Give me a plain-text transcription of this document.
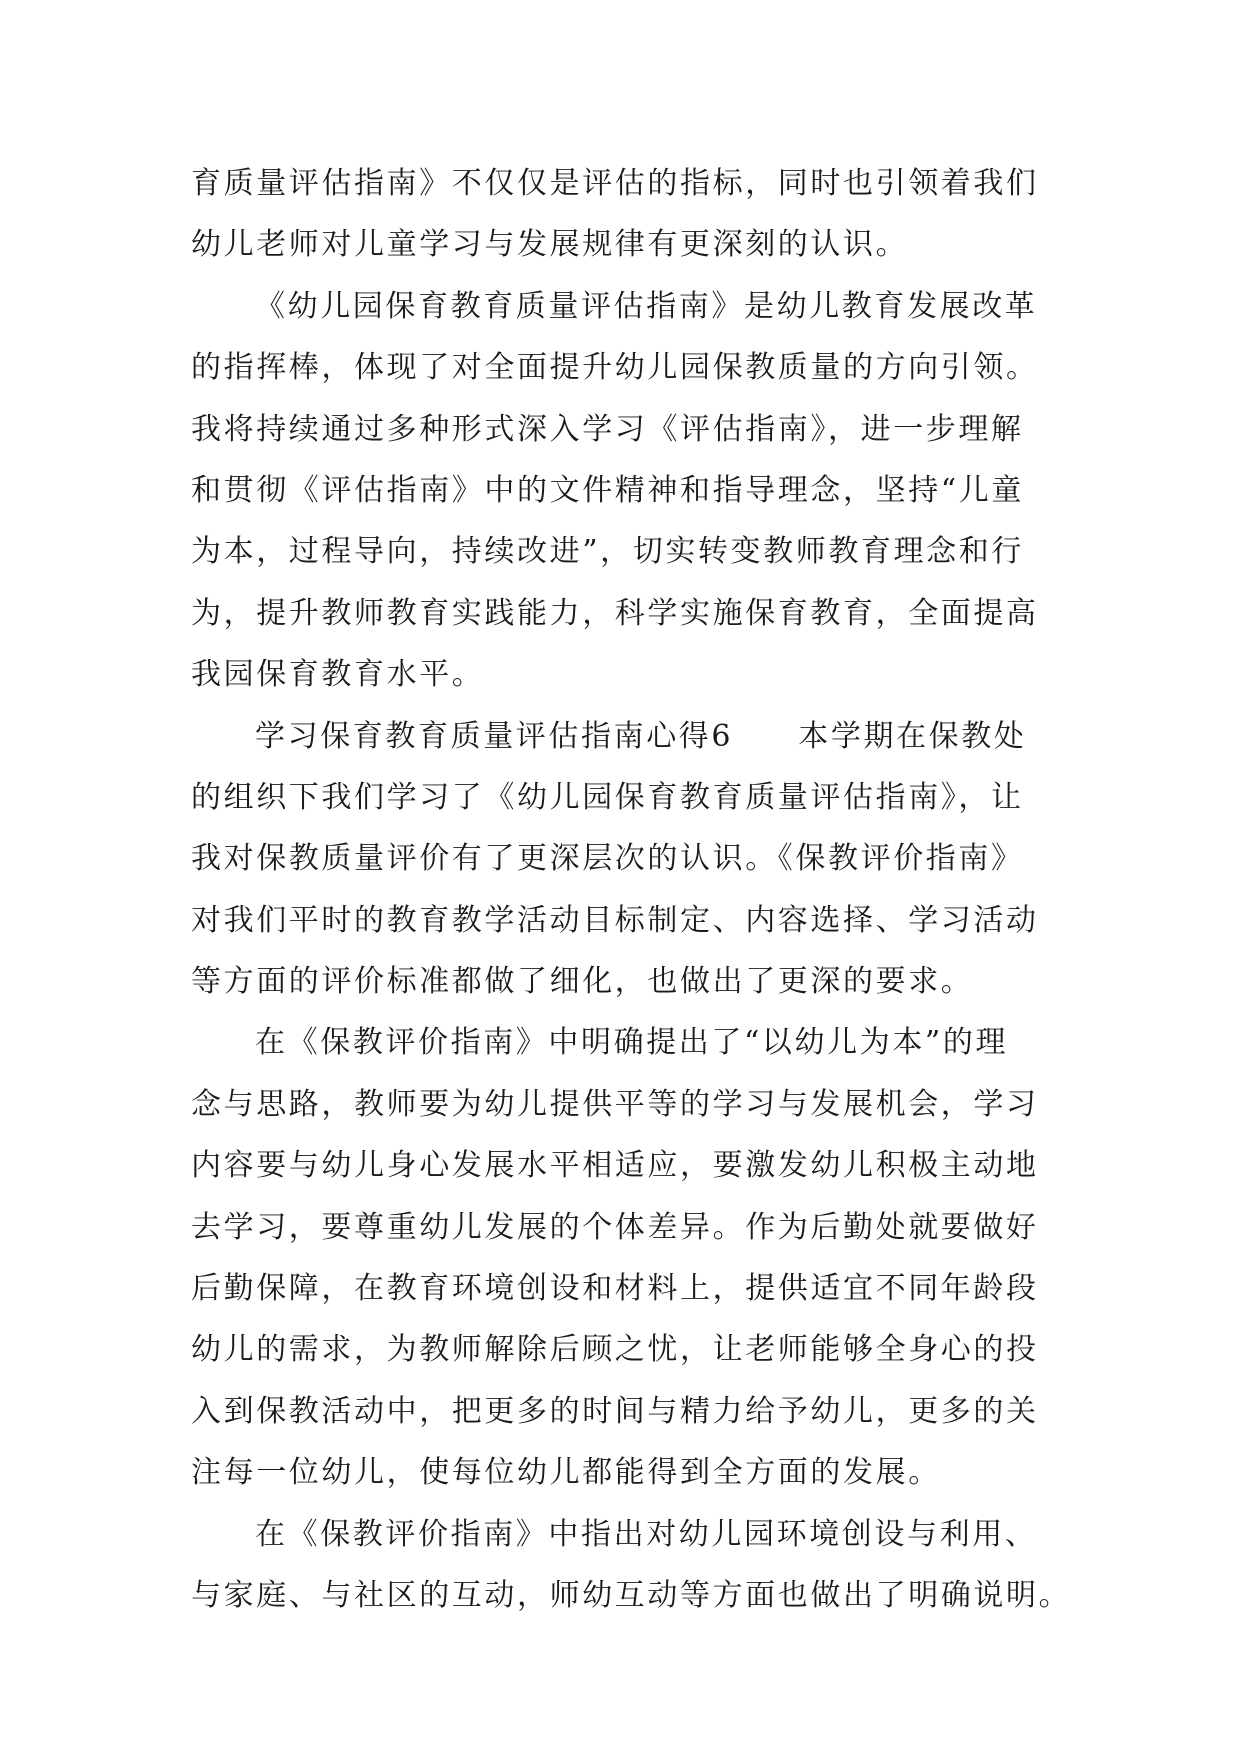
育质量评估指南》不仅仅是评估的指标，同时也引领着我们
幼儿老师对儿童学习与发展规律有更深刻的认识。
《幼儿园保育教育质量评估指南》是幼儿教育发展改革
的指挥棒，体现了对全面提升幼儿园保教质量的方向引领。
我将持续通过多种形式深入学习《评估指南》，进一步理解
和贯彻《评估指南》中的文件精神和指导理念，坚持“儿童
为本，过程导向，持续改进”，切实转变教师教育理念和行
为，提升教师教育实践能力，科学实施保育教育，全面提高
我园保育教育水平。
学习保育教育质量评估指南心得6　　本学期在保教处
的组织下我们学习了《幼儿园保育教育质量评估指南》，让
我对保教质量评价有了更深层次的认识。《保教评价指南》
对我们平时的教育教学活动目标制定、内容选择、学习活动
等方面的评价标准都做了细化，也做出了更深的要求。
在《保教评价指南》中明确提出了“以幼儿为本”的理
念与思路，教师要为幼儿提供平等的学习与发展机会，学习
内容要与幼儿身心发展水平相适应，要激发幼儿积极主动地
去学习，要尊重幼儿发展的个体差异。作为后勤处就要做好
后勤保障，在教育环境创设和材料上，提供适宜不同年龄段
幼儿的需求，为教师解除后顾之忧，让老师能够全身心的投
入到保教活动中，把更多的时间与精力给予幼儿，更多的关
注每一位幼儿，使每位幼儿都能得到全方面的发展。
在《保教评价指南》中指出对幼儿园环境创设与利用、
与家庭、与社区的互动，师幼互动等方面也做出了明确说明。
